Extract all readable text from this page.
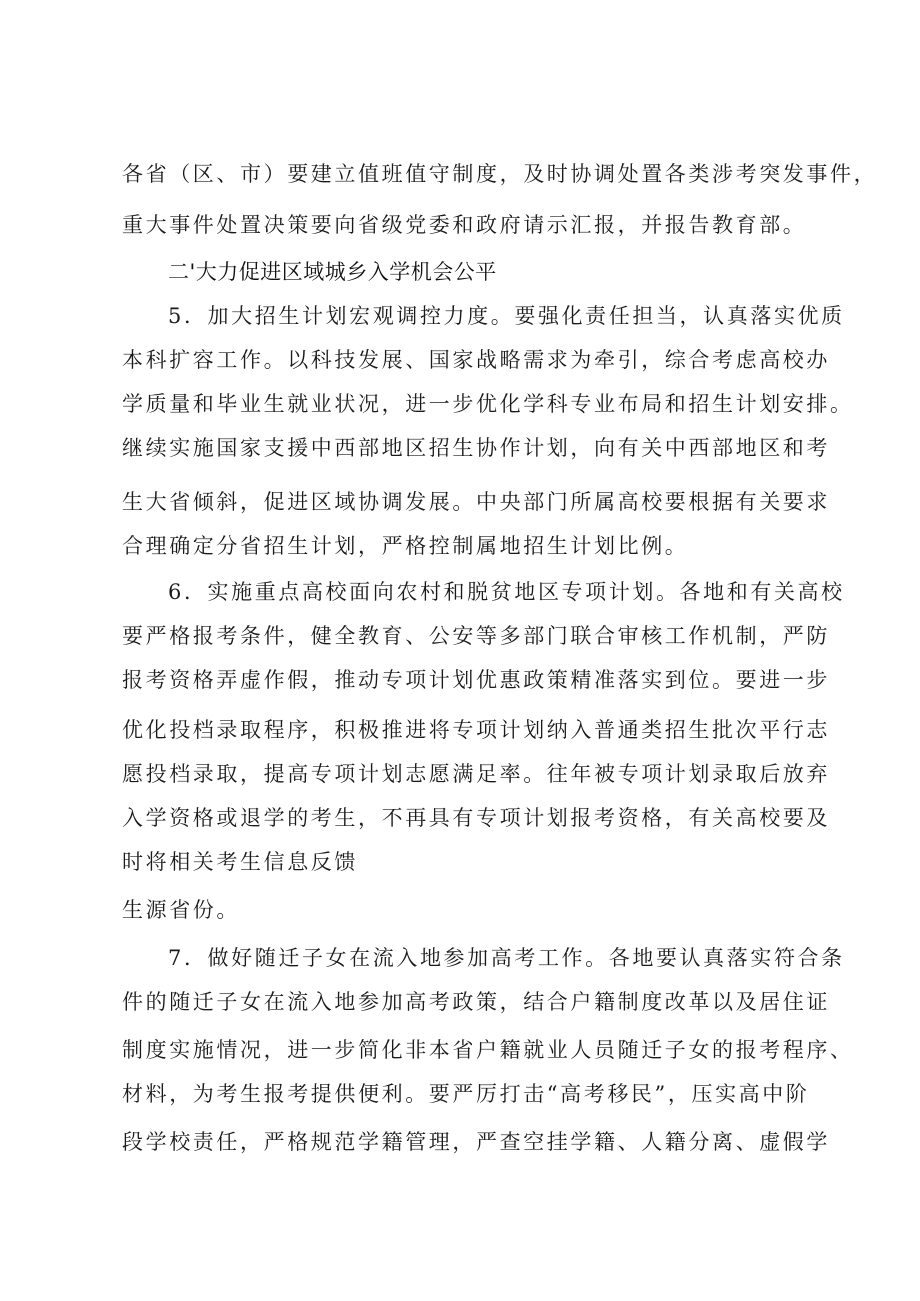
各省（区、市）要建立值班值守制度，及时协调处置各类涉考突发事件，
重大事件处置决策要向省级党委和政府请示汇报，并报告教育部。
二'大力促进区域城乡入学机会公平
5．加大招生计划宏观调控力度。要强化责任担当，认真落实优质
本科扩容工作。以科技发展、国家战略需求为牵引，综合考虑高校办
学质量和毕业生就业状况，进一步优化学科专业布局和招生计划安排。
继续实施国家支援中西部地区招生协作计划，向有关中西部地区和考
生大省倾斜，促进区域协调发展。中央部门所属高校要根据有关要求
合理确定分省招生计划，严格控制属地招生计划比例。
6．实施重点高校面向农村和脱贫地区专项计划。各地和有关高校
要严格报考条件，健全教育、公安等多部门联合审核工作机制，严防
报考资格弄虚作假，推动专项计划优惠政策精准落实到位。要进一步
优化投档录取程序，积极推进将专项计划纳入普通类招生批次平行志
愿投档录取，提高专项计划志愿满足率。往年被专项计划录取后放弃
入学资格或退学的考生，不再具有专项计划报考资格，有关高校要及
时将相关考生信息反馈
生源省份。
7．做好随迁子女在流入地参加高考工作。各地要认真落实符合条
件的随迁子女在流入地参加高考政策，结合户籍制度改革以及居住证
制度实施情况，进一步简化非本省户籍就业人员随迁子女的报考程序、
材料，为考生报考提供便利。要严厉打击“高考移民”，压实高中阶
段学校责任，严格规范学籍管理，严查空挂学籍、人籍分离、虚假学
